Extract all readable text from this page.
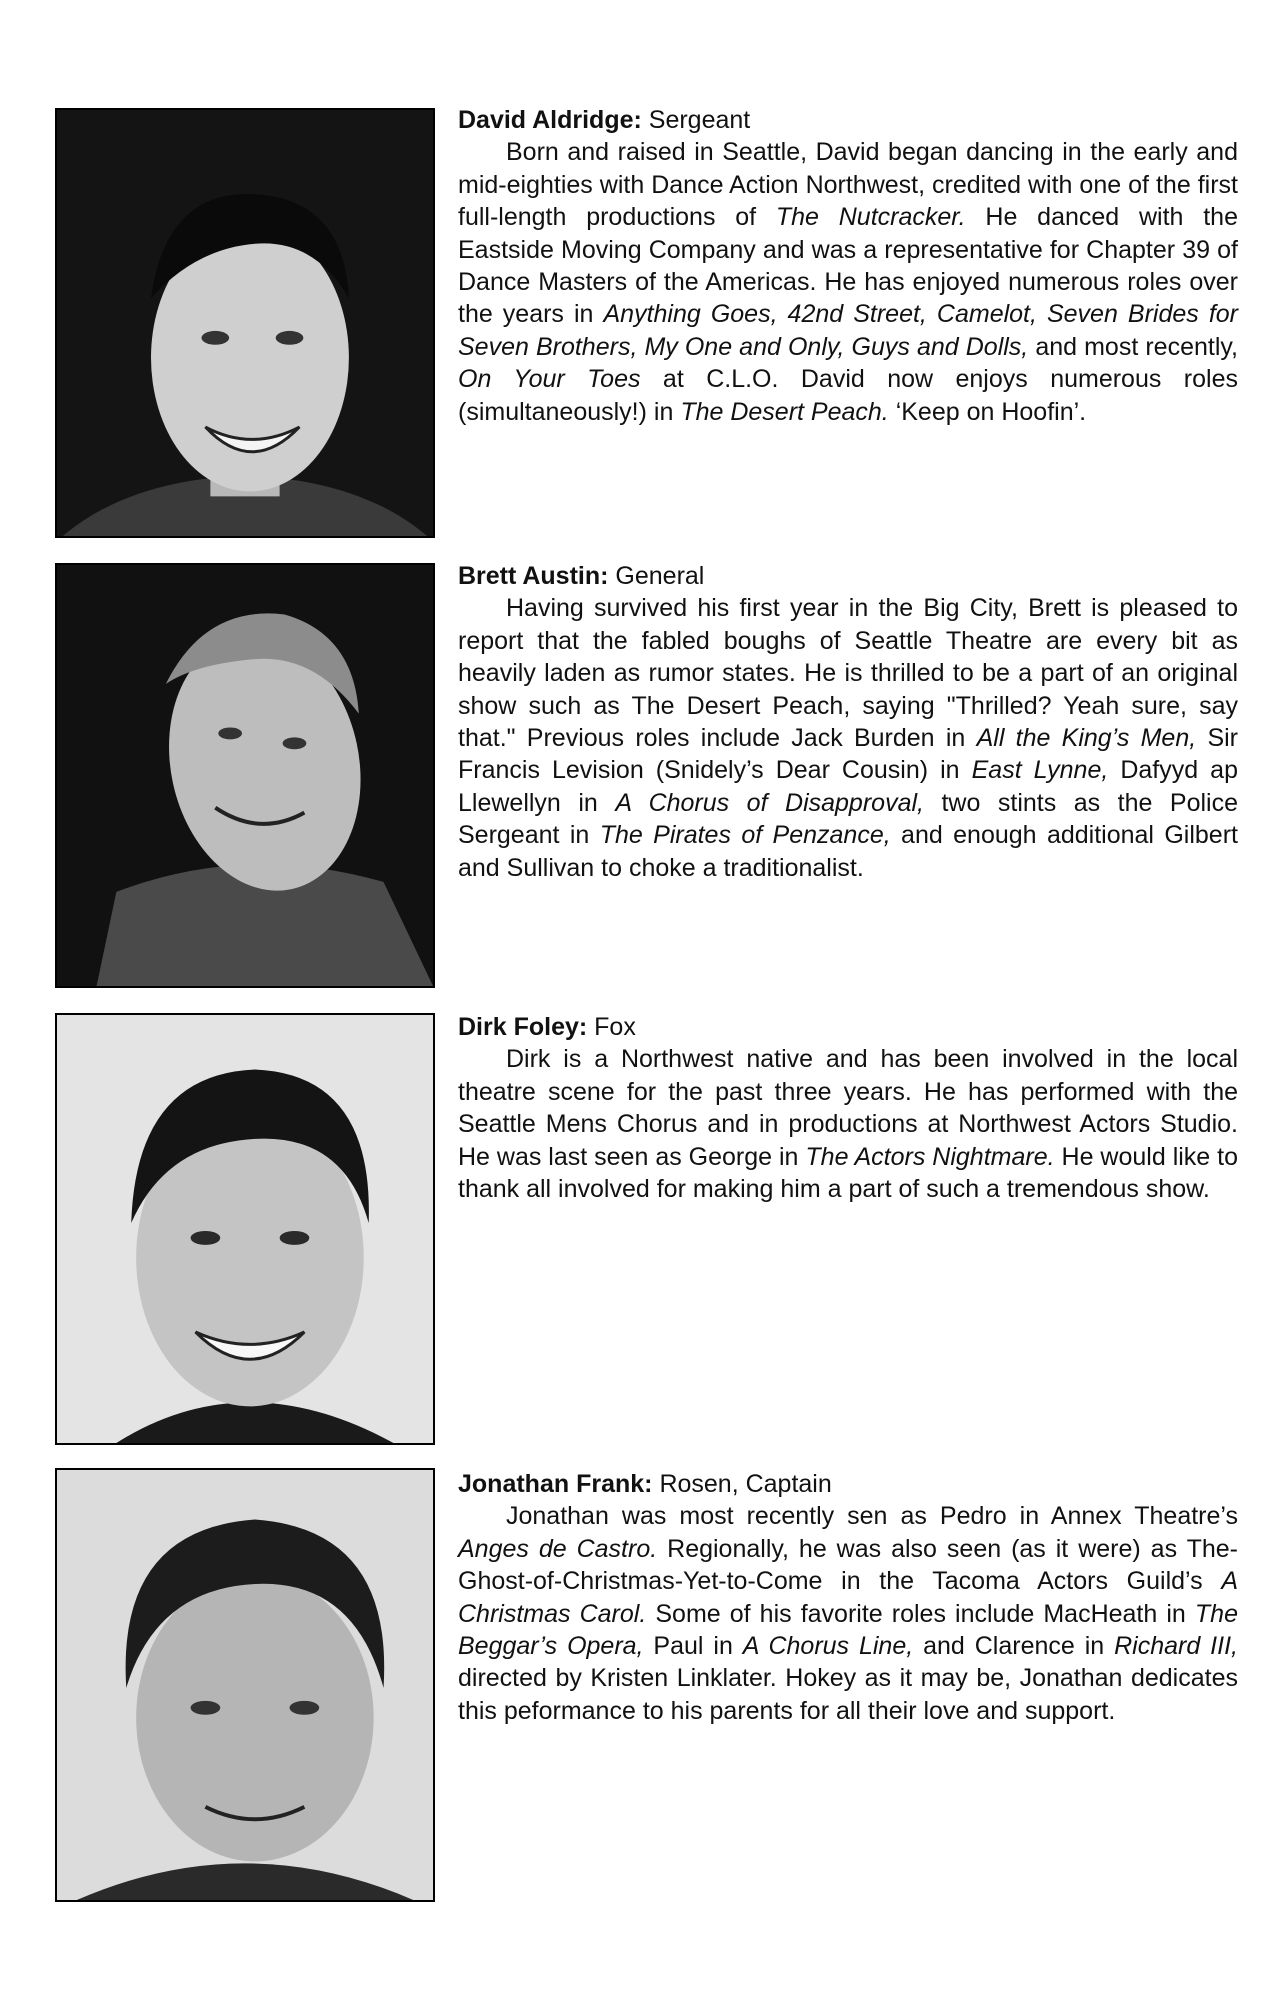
David Aldridge: Sergeant

Born and raised in Seattle, David began dancing in the early and mid-eighties with Dance Action Northwest, credited with one of the first full-length productions of The Nutcracker. He danced with the Eastside Moving Company and was a representative for Chapter 39 of Dance Masters of the Americas. He has enjoyed numerous roles over the years in Anything Goes, 42nd Street, Camelot, Seven Brides for Seven Brothers, My One and Only, Guys and Dolls, and most recently, On Your Toes at C.L.O. David now enjoys numerous roles (simultaneously!) in The Desert Peach. ‘Keep on Hoofin’.

Brett Austin: General

Having survived his first year in the Big City, Brett is pleased to report that the fabled boughs of Seattle Theatre are every bit as heavily laden as rumor states. He is thrilled to be a part of an original show such as The Desert Peach, saying "Thrilled? Yeah sure, say that." Previous roles include Jack Burden in All the King’s Men, Sir Francis Levision (Snidely’s Dear Cousin) in East Lynne, Dafyyd ap Llewellyn in A Chorus of Disapproval, two stints as the Police Sergeant in The Pirates of Penzance, and enough additional Gilbert and Sullivan to choke a traditionalist.

Dirk Foley: Fox

Dirk is a Northwest native and has been involved in the local theatre scene for the past three years. He has performed with the Seattle Mens Chorus and in productions at Northwest Actors Studio. He was last seen as George in The Actors Nightmare. He would like to thank all involved for making him a part of such a tremendous show.

Jonathan Frank: Rosen, Captain

Jonathan was most recently sen as Pedro in Annex Theatre’s Anges de Castro. Regionally, he was also seen (as it were) as The-Ghost-of-Christmas-Yet-to-Come in the Tacoma Actors Guild’s A Christmas Carol. Some of his favorite roles include MacHeath in The Beggar’s Opera, Paul in A Chorus Line, and Clarence in Richard III, directed by Kristen Linklater. Hokey as it may be, Jonathan dedicates this peformance to his parents for all their love and support.
